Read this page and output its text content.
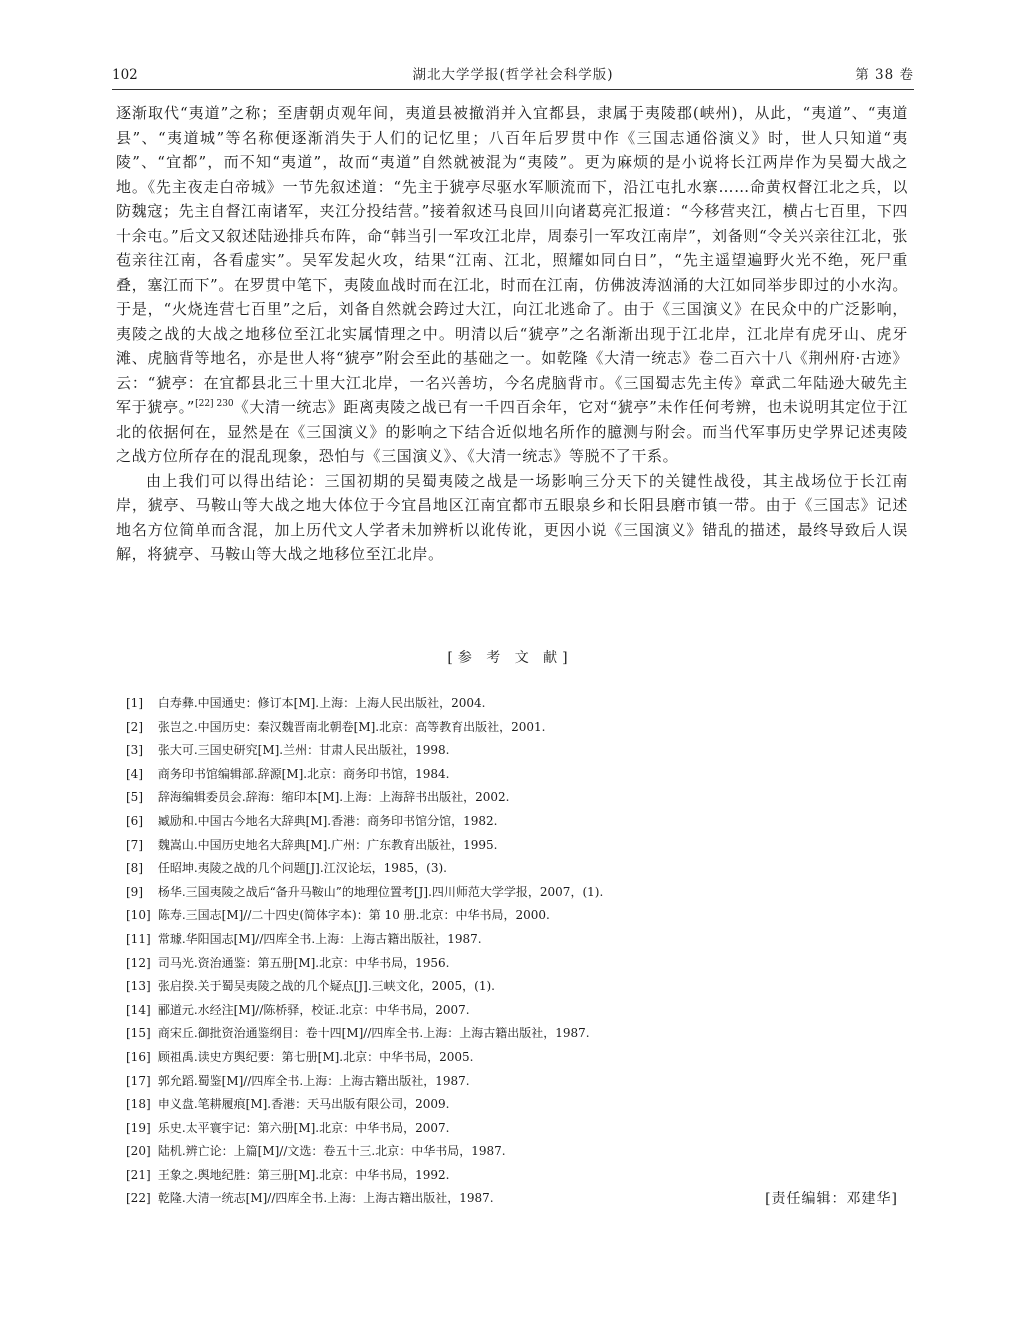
102	湖北大学学报(哲学社会科学版)	第 38 卷

逐渐取代“夷道”之称；至唐朝贞观年间，夷道县被撤消并入宜都县，隶属于夷陵郡(峡州)，从此，“夷道”、“夷道县”、“夷道城”等名称便逐渐消失于人们的记忆里；八百年后罗贯中作《三国志通俗演义》时，世人只知道“夷陵”、“宜都”，而不知“夷道”，故而“夷道”自然就被混为“夷陵”。更为麻烦的是小说将长江两岸作为吴蜀大战之地。《先主夜走白帝城》一节先叙述道：“先主于猇亭尽驱水军顺流而下，沿江屯扎水寨……命黄权督江北之兵，以防魏寇；先主自督江南诸军，夹江分投结营。”接着叙述马良回川向诸葛亮汇报道：“今移营夹江，横占七百里，下四十余屯。”后文又叙述陆逊排兵布阵，命“韩当引一军攻江北岸，周泰引一军攻江南岸”，刘备则“令关兴亲往江北，张苞亲往江南，各看虚实”。吴军发起火攻，结果“江南、江北，照耀如同白日”，“先主遥望遍野火光不绝，死尸重叠，塞江而下”。在罗贯中笔下，夷陵血战时而在江北，时而在江南，仿佛波涛汹涌的大江如同举步即过的小水沟。于是，“火烧连营七百里”之后，刘备自然就会跨过大江，向江北逃命了。由于《三国演义》在民众中的广泛影响，夷陵之战的大战之地移位至江北实属情理之中。明清以后“猇亭”之名渐渐出现于江北岸，江北岸有虎牙山、虎牙滩、虎脑背等地名，亦是世人将“猇亭”附会至此的基础之一。如乾隆《大清一统志》卷二百六十八《荆州府·古迹》云：“猇亭：在宜都县北三十里大江北岸，一名兴善坊，今名虎脑背市。《三国蜀志先主传》章武二年陆逊大破先主军于猇亭。”$^{[22] 230}$《大清一统志》距离夷陵之战已有一千四百余年，它对“猇亭”未作任何考辨，也未说明其定位于江北的依据何在，显然是在《三国演义》的影响之下结合近似地名所作的臆测与附会。而当代军事历史学界记述夷陵之战方位所存在的混乱现象，恐怕与《三国演义》、《大清一统志》等脱不了干系。

由上我们可以得出结论：三国初期的吴蜀夷陵之战是一场影响三分天下的关键性战役，其主战场位于长江南岸，猇亭、马鞍山等大战之地大体位于今宜昌地区江南宜都市五眼泉乡和长阳县磨市镇一带。由于《三国志》记述地名方位简单而含混，加上历代文人学者未加辨析以讹传讹，更因小说《三国演义》错乱的描述，最终导致后人误解，将猇亭、马鞍山等大战之地移位至江北岸。

[参 考 文 献]
[1] 白寿彝.中国通史：修订本[M].上海：上海人民出版社，2004.
[2] 张岂之.中国历史：秦汉魏晋南北朝卷[M].北京：高等教育出版社，2001.
[3] 张大可.三国史研究[M].兰州：甘肃人民出版社，1998.
[4] 商务印书馆编辑部.辞源[M].北京：商务印书馆，1984.
[5] 辞海编辑委员会.辞海：缩印本[M].上海：上海辞书出版社，2002.
[6] 臧励和.中国古今地名大辞典[M].香港：商务印书馆分馆，1982.
[7] 魏嵩山.中国历史地名大辞典[M].广州：广东教育出版社，1995.
[8] 任昭坤.夷陵之战的几个问题[J].江汉论坛，1985，(3).
[9] 杨华.三国夷陵之战后“备升马鞍山”的地理位置考[J].四川师范大学学报，2007，(1).
[10] 陈寿.三国志[M]//二十四史(简体字本)：第 10 册.北京：中华书局，2000.
[11] 常璩.华阳国志[M]//四库全书.上海：上海古籍出版社，1987.
[12] 司马光.资治通鉴：第五册[M].北京：中华书局，1956.
[13] 张启揆.关于蜀吴夷陵之战的几个疑点[J].三峡文化，2005，(1).
[14] 郦道元.水经注[M]//陈桥驿，校证.北京：中华书局，2007.
[15] 商宋丘.御批资治通鉴纲目：卷十四[M]//四库全书.上海：上海古籍出版社，1987.
[16] 顾祖禹.读史方舆纪要：第七册[M].北京：中华书局，2005.
[17] 郭允蹈.蜀鉴[M]//四库全书.上海：上海古籍出版社，1987.
[18] 申义盘.笔耕履痕[M].香港：天马出版有限公司，2009.
[19] 乐史.太平寰宇记：第六册[M].北京：中华书局，2007.
[20] 陆机.辨亡论：上篇[M]//文选：卷五十三.北京：中华书局，1987.
[21] 王象之.舆地纪胜：第三册[M].北京：中华书局，1992.
[22] 乾隆.大清一统志[M]//四库全书.上海：上海古籍出版社，1987.	[责任编辑：邓建华]
